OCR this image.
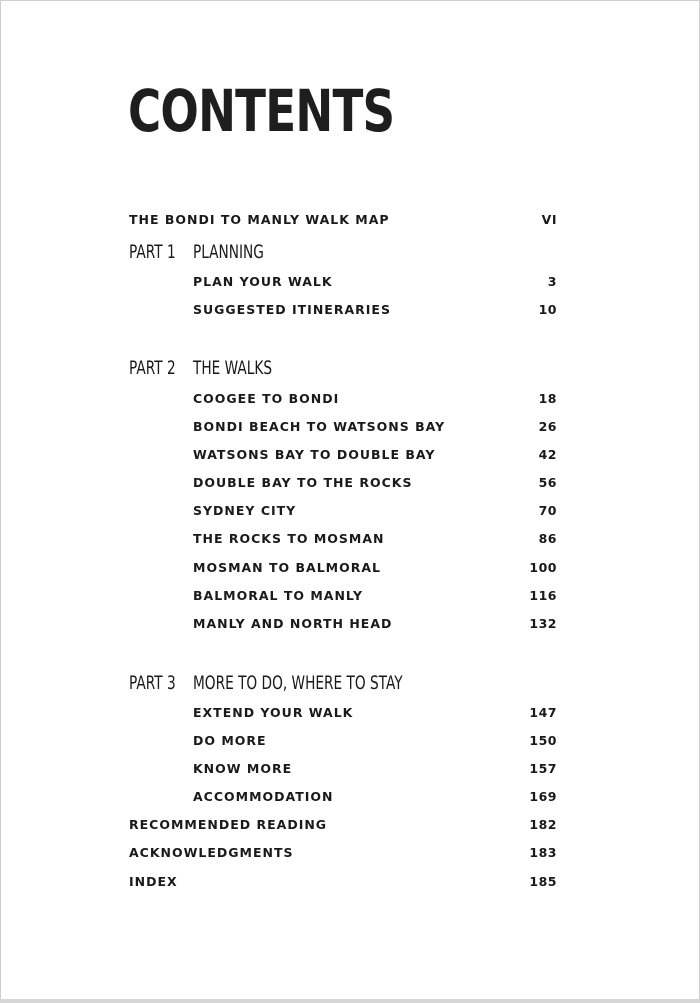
CONTENTS
THE BONDI TO MANLY WALK MAP	VI
PART 1 PLANNING
PLAN YOUR WALK	3
SUGGESTED ITINERARIES	10
PART 2 THE WALKS
COOGEE TO BONDI	18
BONDI BEACH TO WATSONS BAY	26
WATSONS BAY TO DOUBLE BAY	42
DOUBLE BAY TO THE ROCKS	56
SYDNEY CITY	70
THE ROCKS TO MOSMAN	86
MOSMAN TO BALMORAL	100
BALMORAL TO MANLY	116
MANLY AND NORTH HEAD	132
PART 3 MORE TO DO, WHERE TO STAY
EXTEND YOUR WALK	147
DO MORE	150
KNOW MORE	157
ACCOMMODATION	169
RECOMMENDED READING	182
ACKNOWLEDGMENTS	183
INDEX	185
